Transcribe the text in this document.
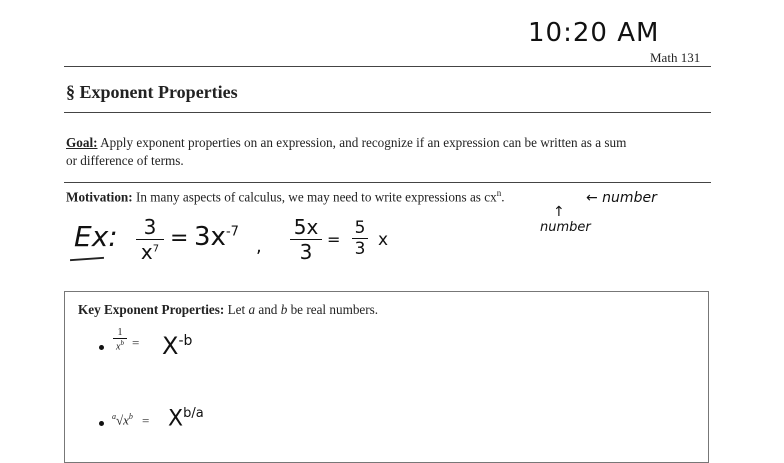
10:20 AM
Math 131
§ Exponent Properties
Goal: Apply exponent properties on an expression, and recognize if an expression can be written as a sum
or difference of terms.
Motivation: In many aspects of calculus, we may need to write expressions as $cx^n$.	← number
↑
number
Ex: 3
$x^7 = 3x^{-7}$
,
5x
3
=
5
3 x
Key Exponent Properties: Let a and b be real numbers.
1
$x^b = X^{-b}$
$^a√x^b = X^{b/a}$
